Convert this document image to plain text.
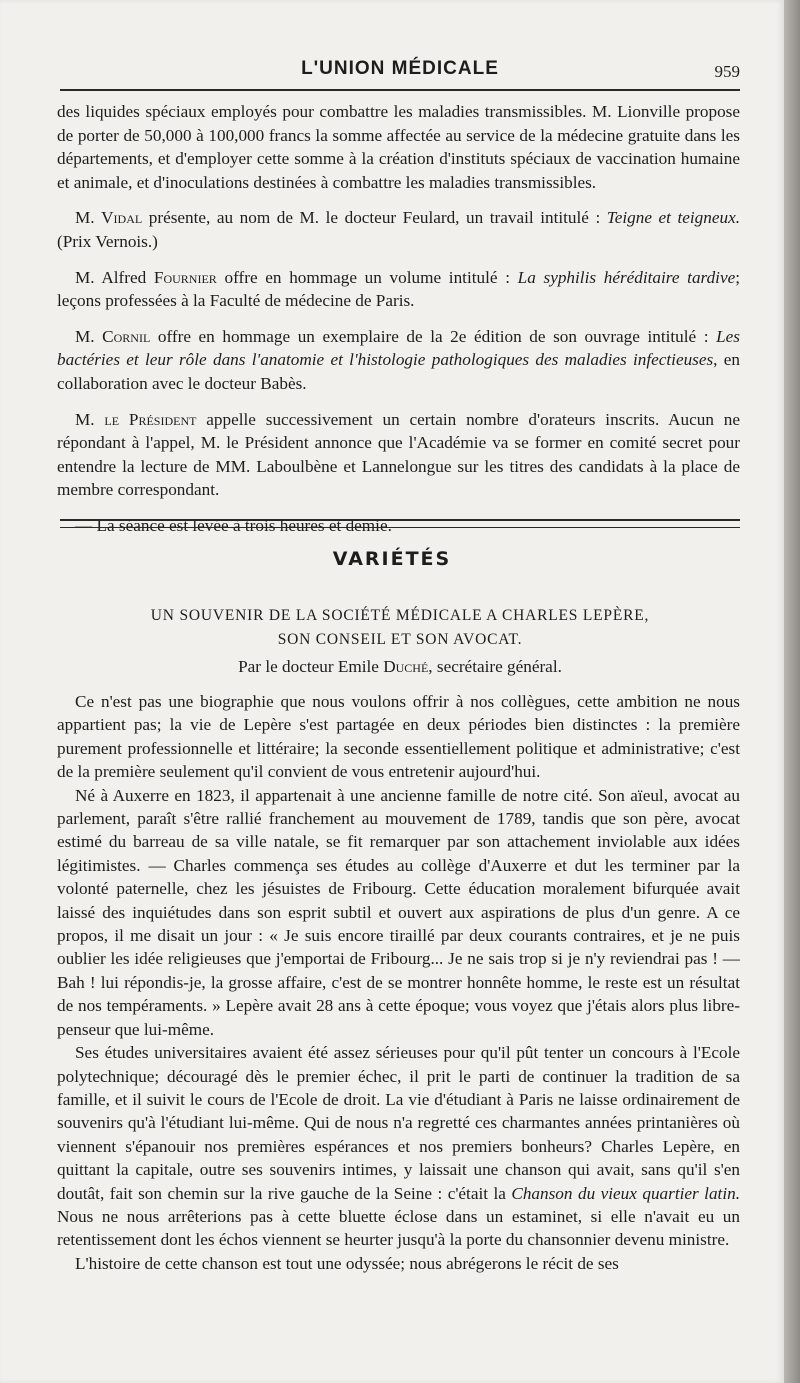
L'UNION MÉDICALE	959

des liquides spéciaux employés pour combattre les maladies transmissibles. M. Lionville propose de porter de 50,000 à 100,000 francs la somme affectée au service de la médecine gratuite dans les départements, et d'employer cette somme à la création d'instituts spéciaux de vaccination humaine et animale, et d'inoculations destinées à combattre les maladies transmissibles.

M. Vidal présente, au nom de M. le docteur Feulard, un travail intitulé : Teigne et teigneux. (Prix Vernois.)

M. Alfred Fournier offre en hommage un volume intitulé : La syphilis héréditaire tardive; leçons professées à la Faculté de médecine de Paris.

M. Cornil offre en hommage un exemplaire de la 2e édition de son ouvrage intitulé : Les bactéries et leur rôle dans l'anatomie et l'histologie pathologiques des maladies infectieuses, en collaboration avec le docteur Babès.

M. le Président appelle successivement un certain nombre d'orateurs inscrits. Aucun ne répondant à l'appel, M. le Président annonce que l'Académie va se former en comité secret pour entendre la lecture de MM. Laboulbène et Lannelongue sur les titres des candidats à la place de membre correspondant.

— La séance est levée à trois heures et demie.

VARIÉTÉS
UN SOUVENIR DE LA SOCIÉTÉ MÉDICALE A CHARLES LEPÈRE,
SON CONSEIL ET SON AVOCAT.
Par le docteur Emile Duché, secrétaire général.

Ce n'est pas une biographie que nous voulons offrir à nos collègues, cette ambition ne nous appartient pas; la vie de Lepère s'est partagée en deux périodes bien distinctes : la première purement professionnelle et littéraire; la seconde essentiellement politique et administrative; c'est de la première seulement qu'il convient de vous entretenir aujourd'hui.

Né à Auxerre en 1823, il appartenait à une ancienne famille de notre cité. Son aïeul, avocat au parlement, paraît s'être rallié franchement au mouvement de 1789, tandis que son père, avocat estimé du barreau de sa ville natale, se fit remarquer par son attachement inviolable aux idées légitimistes. — Charles commença ses études au collège d'Auxerre et dut les terminer par la volonté paternelle, chez les jésuistes de Fribourg. Cette éducation moralement bifurquée avait laissé des inquiétudes dans son esprit subtil et ouvert aux aspirations de plus d'un genre. A ce propos, il me disait un jour : « Je suis encore tiraillé par deux courants contraires, et je ne puis oublier les idée religieuses que j'emportai de Fribourg... Je ne sais trop si je n'y reviendrai pas ! — Bah ! lui répondis-je, la grosse affaire, c'est de se montrer honnête homme, le reste est un résultat de nos tempéraments. » Lepère avait 28 ans à cette époque; vous voyez que j'étais alors plus libre-penseur que lui-même.

Ses études universitaires avaient été assez sérieuses pour qu'il pût tenter un concours à l'Ecole polytechnique; découragé dès le premier échec, il prit le parti de continuer la tradition de sa famille, et il suivit le cours de l'Ecole de droit. La vie d'étudiant à Paris ne laisse ordinairement de souvenirs qu'à l'étudiant lui-même. Qui de nous n'a regretté ces charmantes années printanières où viennent s'épanouir nos premières espérances et nos premiers bonheurs? Charles Lepère, en quittant la capitale, outre ses souvenirs intimes, y laissait une chanson qui avait, sans qu'il s'en doutât, fait son chemin sur la rive gauche de la Seine : c'était la Chanson du vieux quartier latin. Nous ne nous arrêterions pas à cette bluette éclose dans un estaminet, si elle n'avait eu un retentissement dont les échos viennent se heurter jusqu'à la porte du chansonnier devenu ministre.

L'histoire de cette chanson est tout une odyssée; nous abrégerons le récit de ses
